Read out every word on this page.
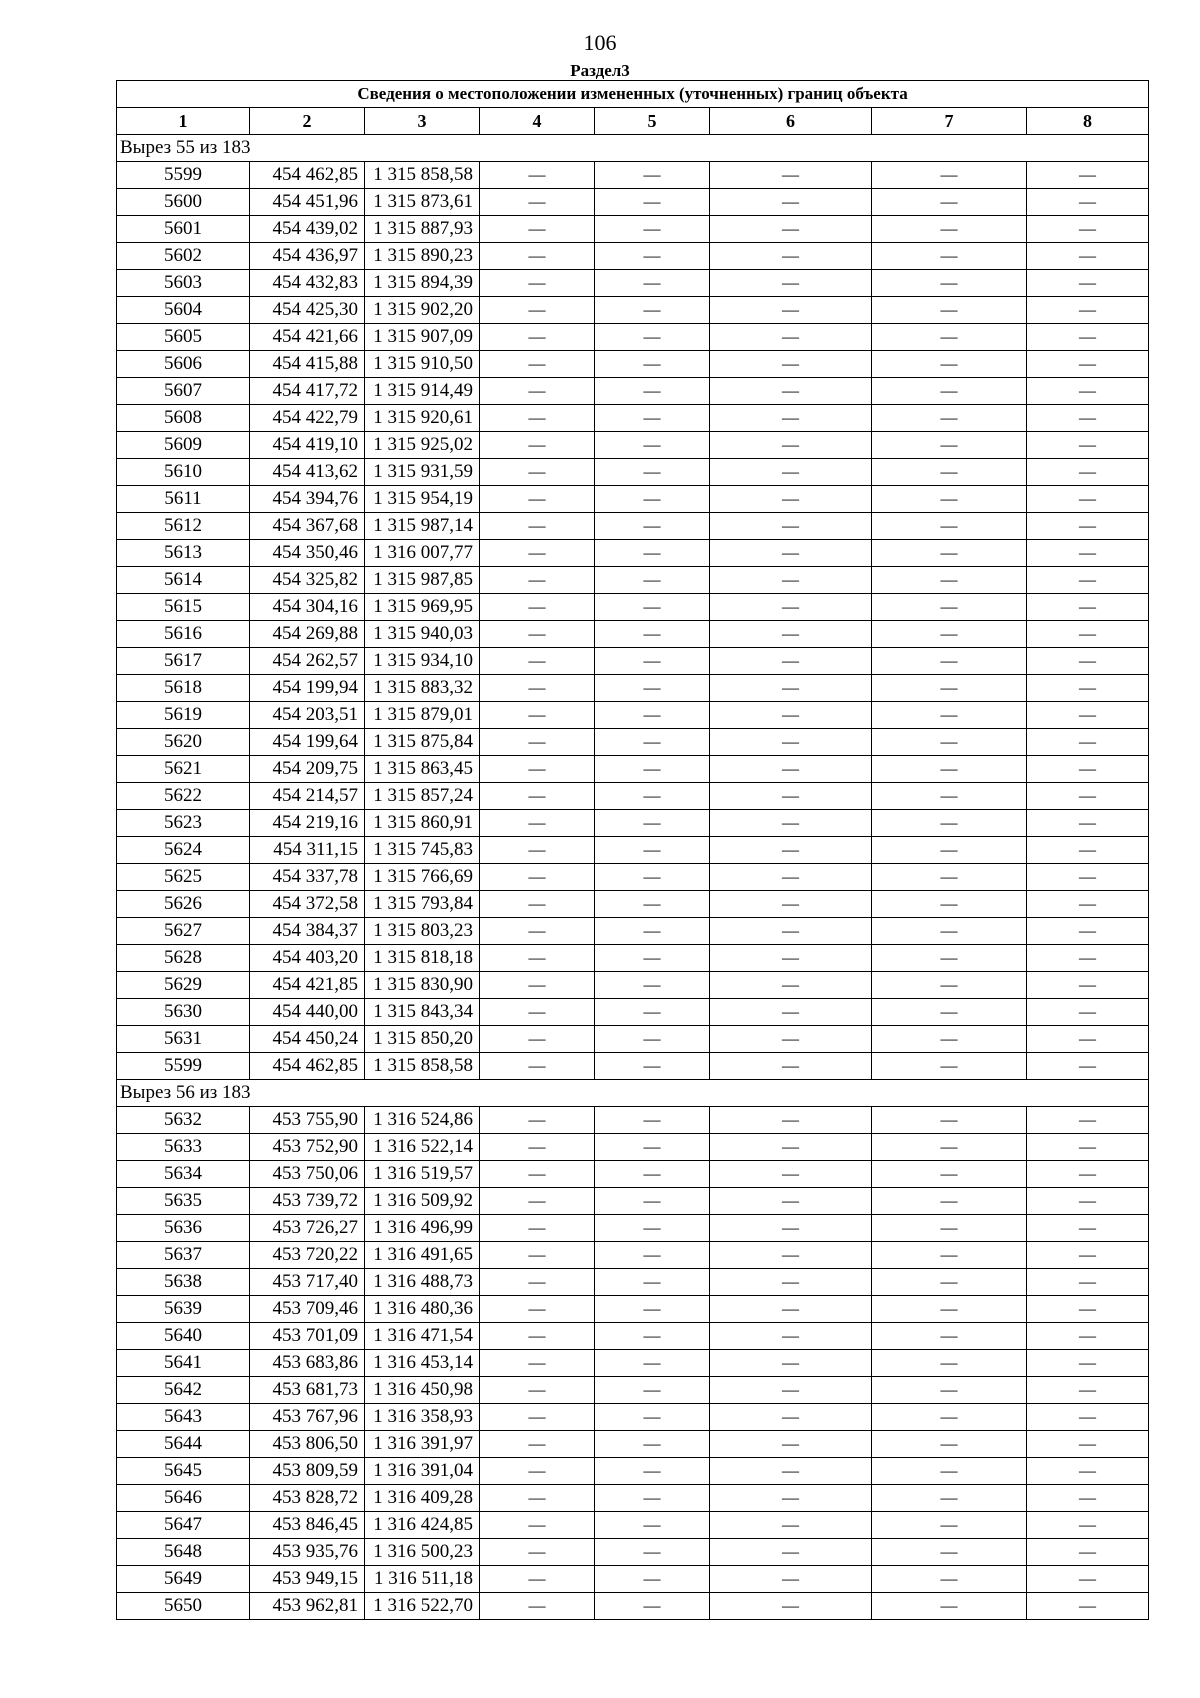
106
Раздел3
Сведения о местоположении измененных (уточненных) границ объекта							
1	2	3	4	5	6	7	8
Вырез 55 из 183							
5599	454 462,85	1 315 858,58	—	—	—	—	—
5600	454 451,96	1 315 873,61	—	—	—	—	—
5601	454 439,02	1 315 887,93	—	—	—	—	—
5602	454 436,97	1 315 890,23	—	—	—	—	—
5603	454 432,83	1 315 894,39	—	—	—	—	—
5604	454 425,30	1 315 902,20	—	—	—	—	—
5605	454 421,66	1 315 907,09	—	—	—	—	—
5606	454 415,88	1 315 910,50	—	—	—	—	—
5607	454 417,72	1 315 914,49	—	—	—	—	—
5608	454 422,79	1 315 920,61	—	—	—	—	—
5609	454 419,10	1 315 925,02	—	—	—	—	—
5610	454 413,62	1 315 931,59	—	—	—	—	—
5611	454 394,76	1 315 954,19	—	—	—	—	—
5612	454 367,68	1 315 987,14	—	—	—	—	—
5613	454 350,46	1 316 007,77	—	—	—	—	—
5614	454 325,82	1 315 987,85	—	—	—	—	—
5615	454 304,16	1 315 969,95	—	—	—	—	—
5616	454 269,88	1 315 940,03	—	—	—	—	—
5617	454 262,57	1 315 934,10	—	—	—	—	—
5618	454 199,94	1 315 883,32	—	—	—	—	—
5619	454 203,51	1 315 879,01	—	—	—	—	—
5620	454 199,64	1 315 875,84	—	—	—	—	—
5621	454 209,75	1 315 863,45	—	—	—	—	—
5622	454 214,57	1 315 857,24	—	—	—	—	—
5623	454 219,16	1 315 860,91	—	—	—	—	—
5624	454 311,15	1 315 745,83	—	—	—	—	—
5625	454 337,78	1 315 766,69	—	—	—	—	—
5626	454 372,58	1 315 793,84	—	—	—	—	—
5627	454 384,37	1 315 803,23	—	—	—	—	—
5628	454 403,20	1 315 818,18	—	—	—	—	—
5629	454 421,85	1 315 830,90	—	—	—	—	—
5630	454 440,00	1 315 843,34	—	—	—	—	—
5631	454 450,24	1 315 850,20	—	—	—	—	—
5599	454 462,85	1 315 858,58	—	—	—	—	—
Вырез 56 из 183							
5632	453 755,90	1 316 524,86	—	—	—	—	—
5633	453 752,90	1 316 522,14	—	—	—	—	—
5634	453 750,06	1 316 519,57	—	—	—	—	—
5635	453 739,72	1 316 509,92	—	—	—	—	—
5636	453 726,27	1 316 496,99	—	—	—	—	—
5637	453 720,22	1 316 491,65	—	—	—	—	—
5638	453 717,40	1 316 488,73	—	—	—	—	—
5639	453 709,46	1 316 480,36	—	—	—	—	—
5640	453 701,09	1 316 471,54	—	—	—	—	—
5641	453 683,86	1 316 453,14	—	—	—	—	—
5642	453 681,73	1 316 450,98	—	—	—	—	—
5643	453 767,96	1 316 358,93	—	—	—	—	—
5644	453 806,50	1 316 391,97	—	—	—	—	—
5645	453 809,59	1 316 391,04	—	—	—	—	—
5646	453 828,72	1 316 409,28	—	—	—	—	—
5647	453 846,45	1 316 424,85	—	—	—	—	—
5648	453 935,76	1 316 500,23	—	—	—	—	—
5649	453 949,15	1 316 511,18	—	—	—	—	—
5650	453 962,81	1 316 522,70	—	—	—	—	—
